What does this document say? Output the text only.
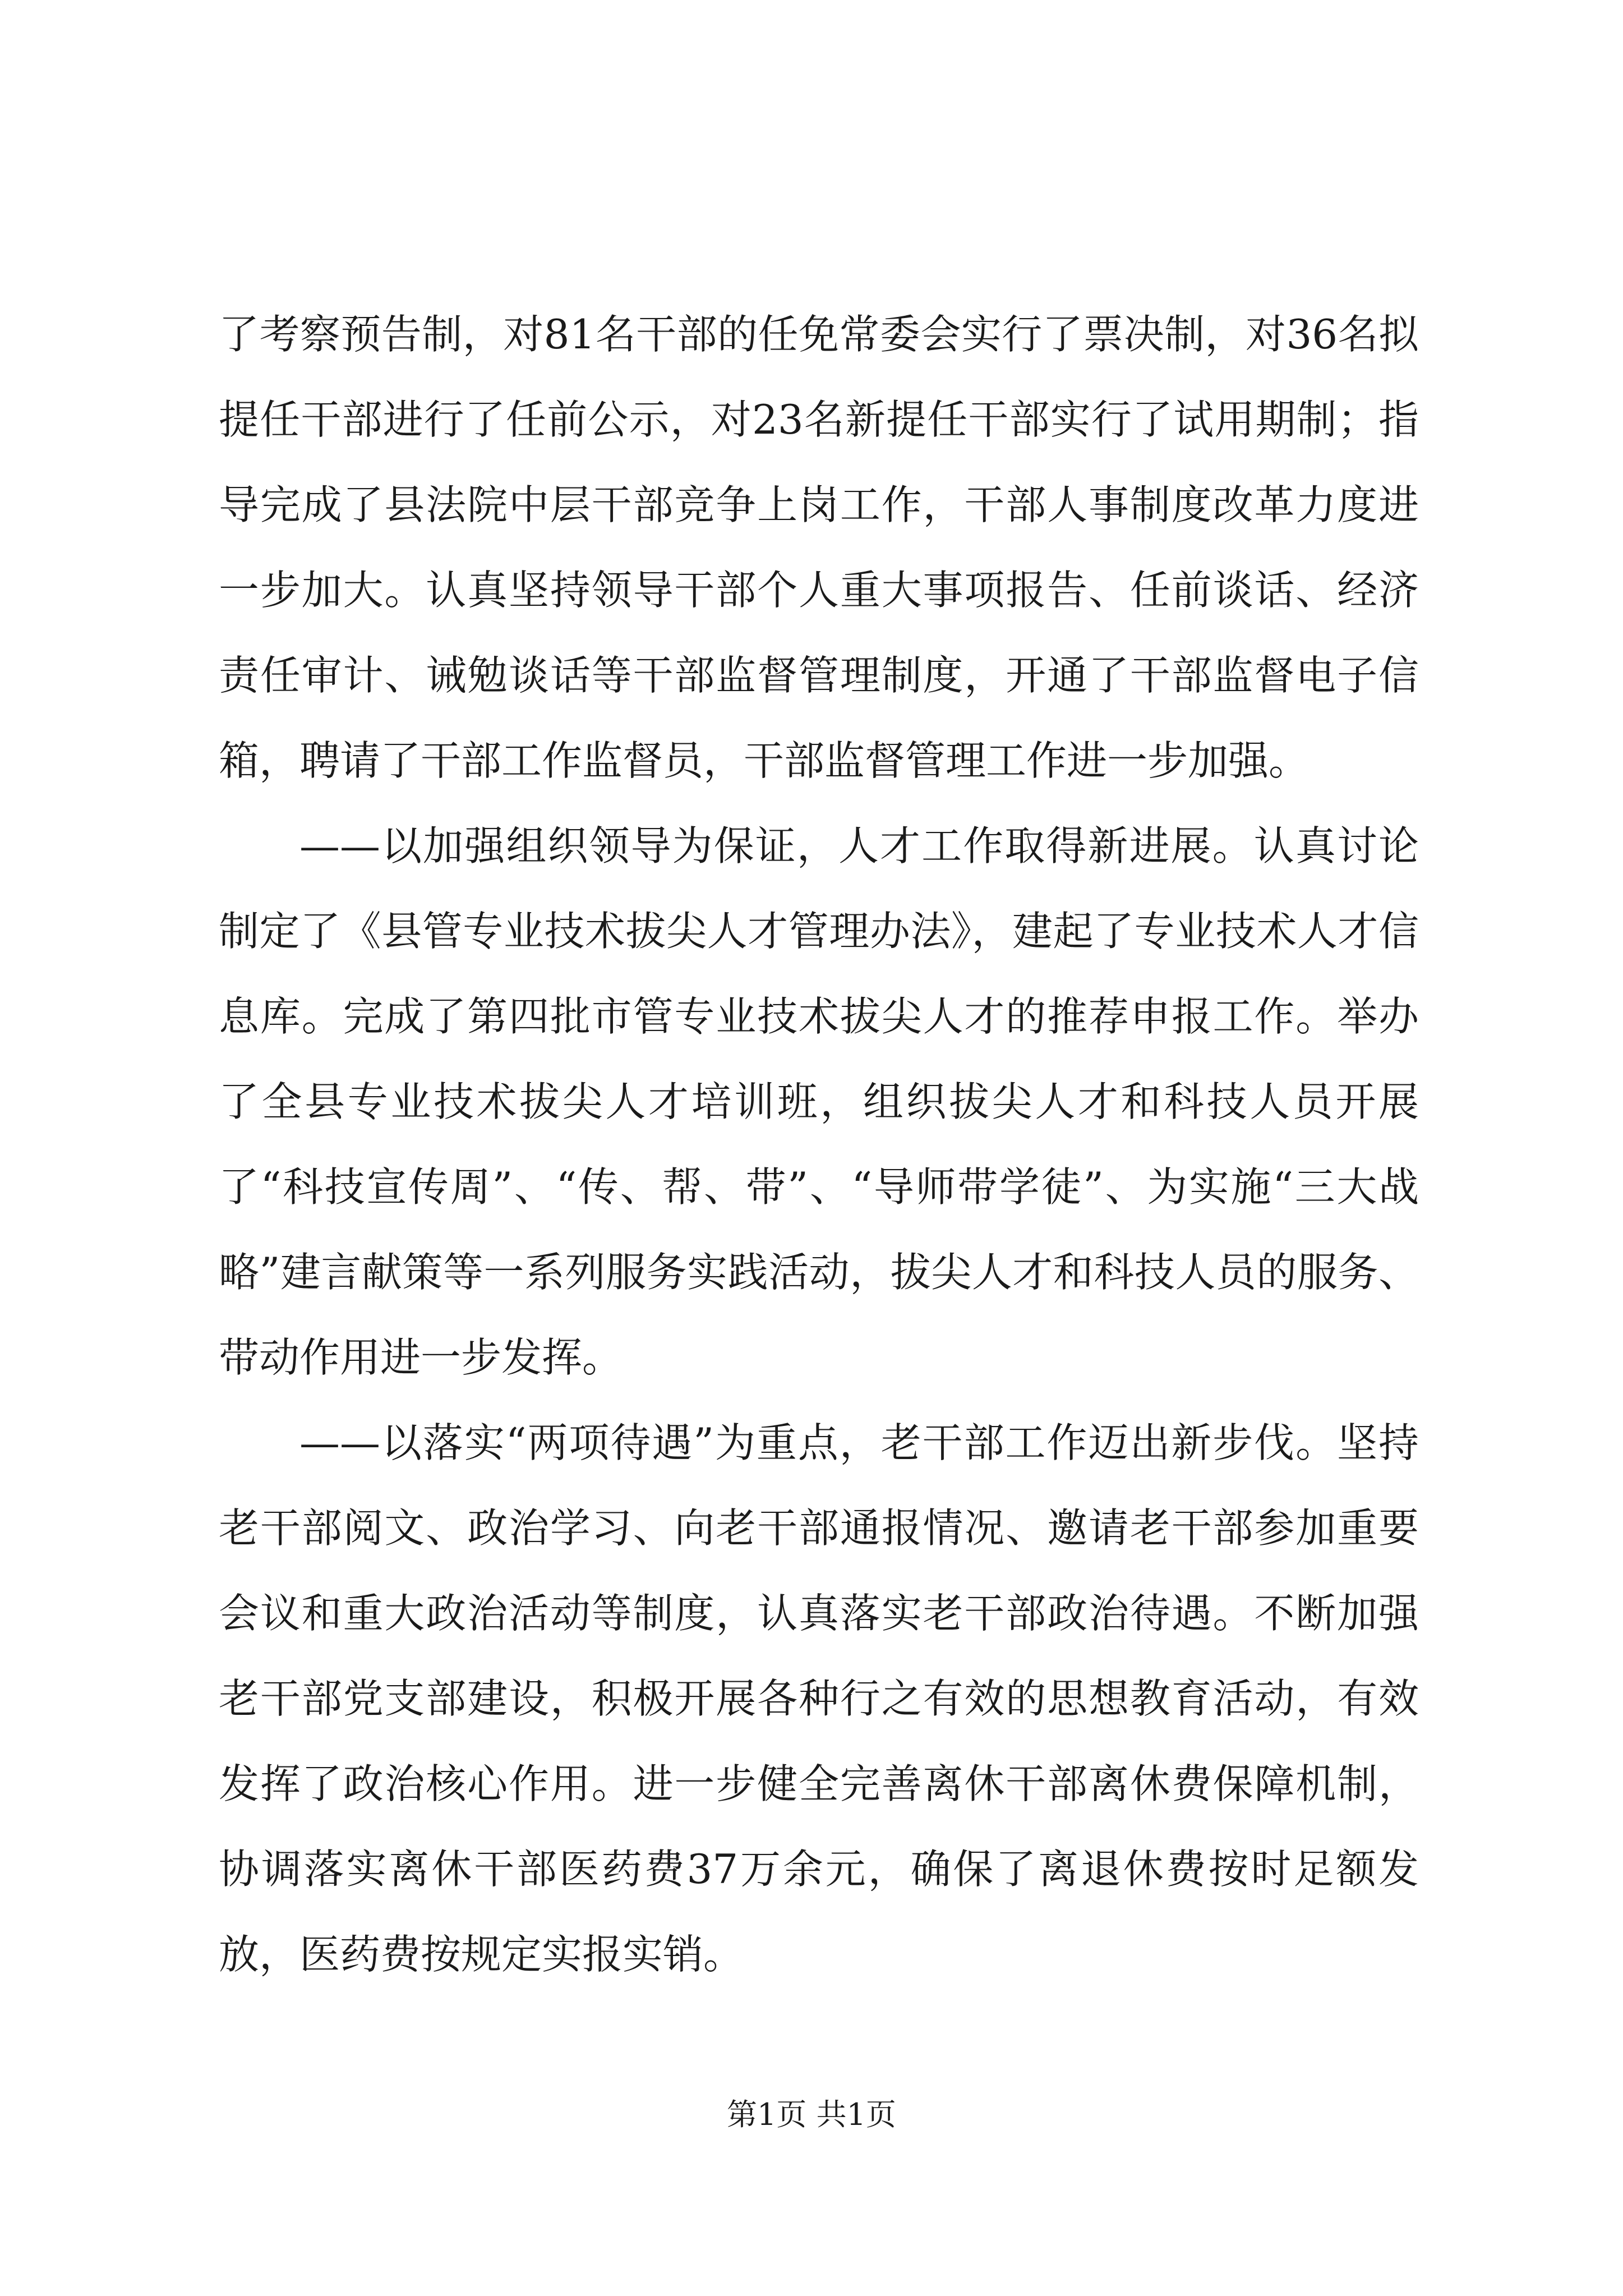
了考察预告制，对81名干部的任免常委会实行了票决制，对36名拟提任干部进行了任前公示，对23名新提任干部实行了试用期制；指导完成了县法院中层干部竞争上岗工作，干部人事制度改革力度进一步加大。认真坚持领导干部个人重大事项报告、任前谈话、经济责任审计、诫勉谈话等干部监督管理制度，开通了干部监督电子信箱，聘请了干部工作监督员，干部监督管理工作进一步加强。

——以加强组织领导为保证，人才工作取得新进展。认真讨论制定了《县管专业技术拔尖人才管理办法》，建起了专业技术人才信息库。完成了第四批市管专业技术拔尖人才的推荐申报工作。举办了全县专业技术拔尖人才培训班，组织拔尖人才和科技人员开展了“科技宣传周”、“传、帮、带”、“导师带学徒”、为实施“三大战略”建言献策等一系列服务实践活动，拔尖人才和科技人员的服务、带动作用进一步发挥。

——以落实“两项待遇”为重点，老干部工作迈出新步伐。坚持老干部阅文、政治学习、向老干部通报情况、邀请老干部参加重要会议和重大政治活动等制度，认真落实老干部政治待遇。不断加强老干部党支部建设，积极开展各种行之有效的思想教育活动，有效发挥了政治核心作用。进一步健全完善离休干部离休费保障机制，协调落实离休干部医药费37万余元，确保了离退休费按时足额发放，医药费按规定实报实销。

第1页 共1页
